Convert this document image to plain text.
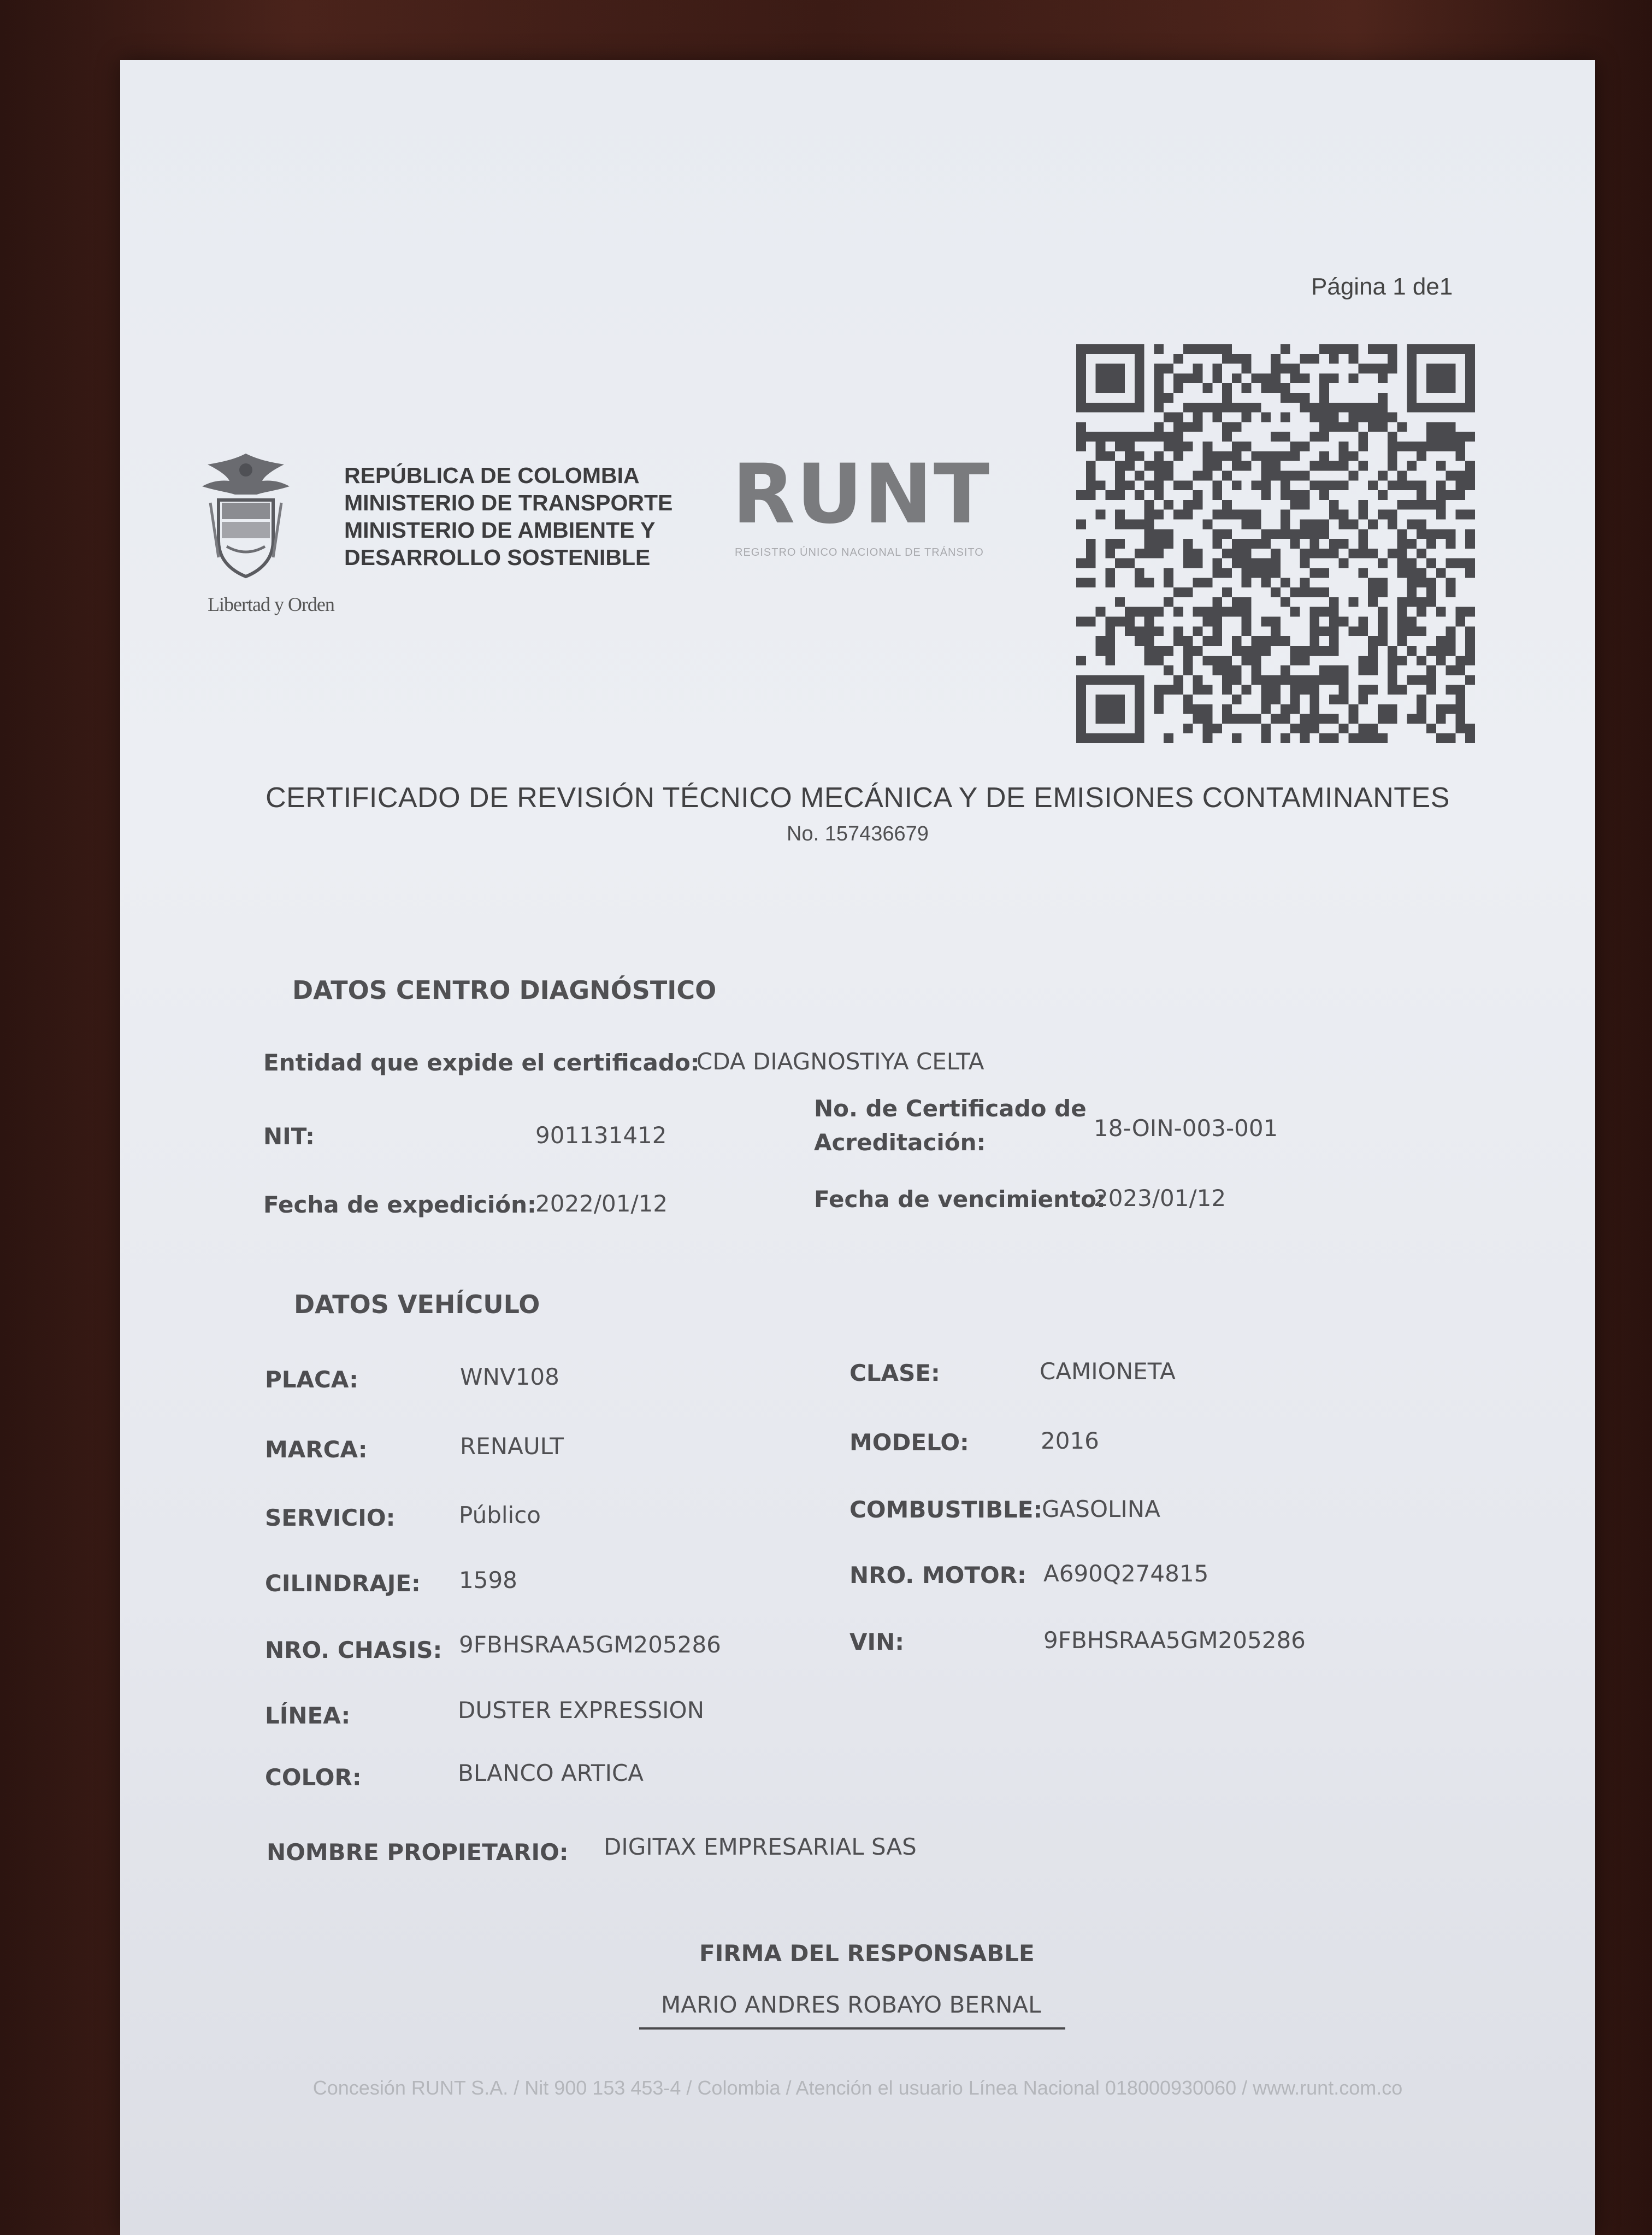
Página 1 de1
Libertad y Orden
REPÚBLICA DE COLOMBIA
MINISTERIO DE TRANSPORTE
MINISTERIO DE AMBIENTE Y
DESARROLLO SOSTENIBLE
RUNT
REGISTRO ÚNICO NACIONAL DE TRÁNSITO
CERTIFICADO DE REVISIÓN TÉCNICO MECÁNICA Y DE EMISIONES CONTAMINANTES
No. 157436679
DATOS CENTRO DIAGNÓSTICO
Entidad que expide el certificado:
CDA DIAGNOSTIYA CELTA
NIT:	901131412
No. de Certificado de
Acreditación:
18-OIN-003-001
Fecha de expedición:
2022/01/12	Fecha de vencimiento:
2023/01/12
DATOS VEHÍCULO
PLACA:	WNV108	CLASE:	CAMIONETA
MARCA:	RENAULT	MODELO:	2016
SERVICIO:	Público	COMBUSTIBLE:
GASOLINA
CILINDRAJE: 1598	NRO. MOTOR: A690Q274815
NRO. CHASIS: 9FBHSRAA5GM205286	VIN:	9FBHSRAA5GM205286
LÍNEA:	DUSTER EXPRESSION
COLOR:	BLANCO ARTICA
NOMBRE PROPIETARIO: DIGITAX EMPRESARIAL SAS
FIRMA DEL RESPONSABLE
MARIO ANDRES ROBAYO BERNAL
Concesión RUNT S.A. / Nit 900 153 453-4 / Colombia / Atención el usuario Línea Nacional 018000930060 / www.runt.com.co
